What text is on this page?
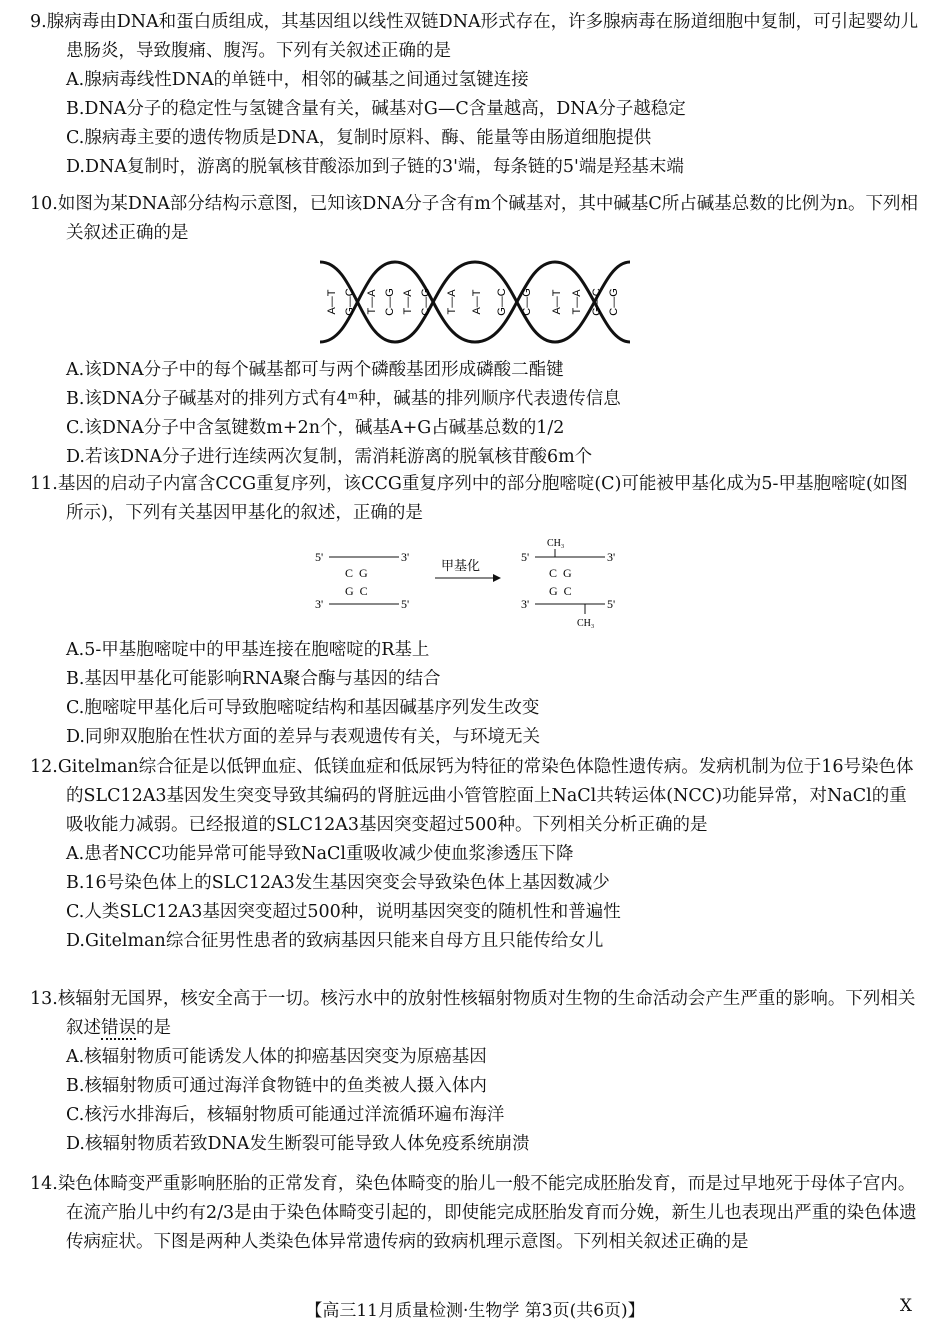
9.腺病毒由DNA和蛋白质组成，其基因组以线性双链DNA形式存在，许多腺病毒在肠道细胞中复制，可引起婴幼儿患肠炎，导致腹痛、腹泻。下列有关叙述正确的是
A.腺病毒线性DNA的单链中，相邻的碱基之间通过氢键连接
B.DNA分子的稳定性与氢键含量有关，碱基对G—C含量越高，DNA分子越稳定
C.腺病毒主要的遗传物质是DNA，复制时原料、酶、能量等由肠道细胞提供
D.DNA复制时，游离的脱氧核苷酸添加到子链的3'端，每条链的5'端是羟基末端
10.如图为某DNA部分结构示意图，已知该DNA分子含有m个碱基对，其中碱基C所占碱基总数的比例为n。下列相关叙述正确的是
A—T G—C T—A C—G T—A C—G T—A A—T G—C C—G A—T T—A G—C C—G
A.该DNA分子中的每个碱基都可与两个磷酸基团形成磷酸二酯键
B.该DNA分子碱基对的排列方式有4ᵐ种，碱基的排列顺序代表遗传信息
C.该DNA分子中含氢键数m+2n个，碱基A+G占碱基总数的1/2
D.若该DNA分子进行连续两次复制，需消耗游离的脱氧核苷酸6m个
11.基因的启动子内富含CCG重复序列，该CCG重复序列中的部分胞嘧啶(C)可能被甲基化成为5-甲基胞嘧啶(如图所示)，下列有关基因甲基化的叙述，正确的是
5'	3'
C  G
G  C
3'	5'
甲基化
CH₃
5'	3'
C  G
G  C
3'	5'
CH₃
A.5-甲基胞嘧啶中的甲基连接在胞嘧啶的R基上
B.基因甲基化可能影响RNA聚合酶与基因的结合
C.胞嘧啶甲基化后可导致胞嘧啶结构和基因碱基序列发生改变
D.同卵双胞胎在性状方面的差异与表观遗传有关，与环境无关
12.Gitelman综合征是以低钾血症、低镁血症和低尿钙为特征的常染色体隐性遗传病。发病机制为位于16号染色体的SLC12A3基因发生突变导致其编码的肾脏远曲小管管腔面上NaCl共转运体(NCC)功能异常，对NaCl的重吸收能力减弱。已经报道的SLC12A3基因突变超过500种。下列相关分析正确的是
A.患者NCC功能异常可能导致NaCl重吸收减少使血浆渗透压下降
B.16号染色体上的SLC12A3发生基因突变会导致染色体上基因数减少
C.人类SLC12A3基因突变超过500种，说明基因突变的随机性和普遍性
D.Gitelman综合征男性患者的致病基因只能来自母方且只能传给女儿
13.核辐射无国界，核安全高于一切。核污水中的放射性核辐射物质对生物的生命活动会产生严重的影响。下列相关叙述错误的是
A.核辐射物质可能诱发人体的抑癌基因突变为原癌基因
B.核辐射物质可通过海洋食物链中的鱼类被人摄入体内
C.核污水排海后，核辐射物质可能通过洋流循环遍布海洋
D.核辐射物质若致DNA发生断裂可能导致人体免疫系统崩溃
14.染色体畸变严重影响胚胎的正常发育，染色体畸变的胎儿一般不能完成胚胎发育，而是过早地死于母体子宫内。在流产胎儿中约有2/3是由于染色体畸变引起的，即使能完成胚胎发育而分娩，新生儿也表现出严重的染色体遗传病症状。下图是两种人类染色体异常遗传病的致病机理示意图。下列相关叙述正确的是
【高三11月质量检测·生物学 第3页(共6页)】	X
